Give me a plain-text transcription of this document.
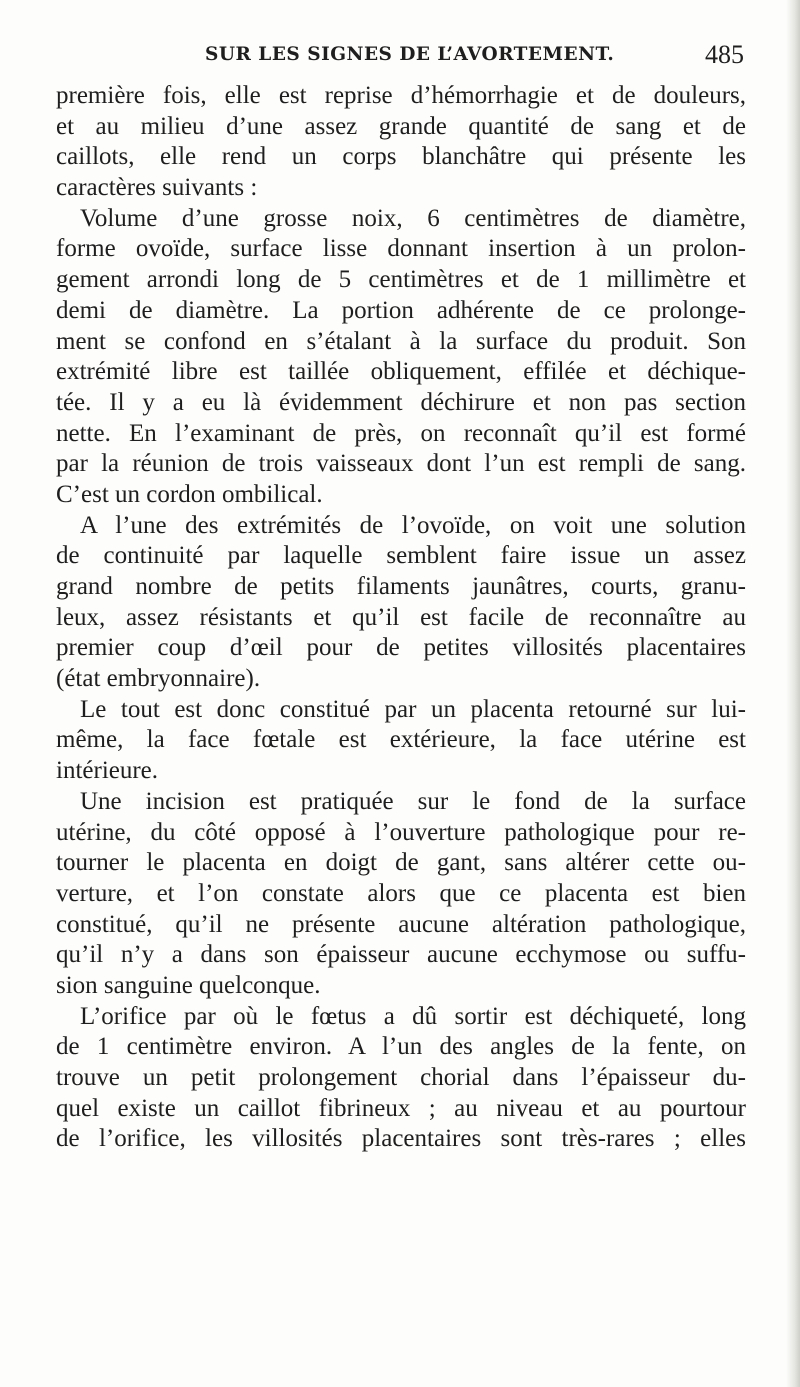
SUR LES SIGNES DE L’AVORTEMENT.	485
première fois, elle est reprise d’hémorrhagie et de douleurs,
et au milieu d’une assez grande quantité de sang et de
caillots, elle rend un corps blanchâtre qui présente les
caractères suivants :
Volume d’une grosse noix, 6 centimètres de diamètre,
forme ovoïde, surface lisse donnant insertion à un prolon-
gement arrondi long de 5 centimètres et de 1 millimètre et
demi de diamètre. La portion adhérente de ce prolonge-
ment se confond en s’étalant à la surface du produit. Son
extrémité libre est taillée obliquement, effilée et déchique-
tée. Il y a eu là évidemment déchirure et non pas section
nette. En l’examinant de près, on reconnaît qu’il est formé
par la réunion de trois vaisseaux dont l’un est rempli de sang.
C’est un cordon ombilical.
A l’une des extrémités de l’ovoïde, on voit une solution
de continuité par laquelle semblent faire issue un assez
grand nombre de petits filaments jaunâtres, courts, granu-
leux, assez résistants et qu’il est facile de reconnaître au
premier coup d’œil pour de petites villosités placentaires
(état embryonnaire).
Le tout est donc constitué par un placenta retourné sur lui-
même, la face fœtale est extérieure, la face utérine est
intérieure.
Une incision est pratiquée sur le fond de la surface
utérine, du côté opposé à l’ouverture pathologique pour re-
tourner le placenta en doigt de gant, sans altérer cette ou-
verture, et l’on constate alors que ce placenta est bien
constitué, qu’il ne présente aucune altération pathologique,
qu’il n’y a dans son épaisseur aucune ecchymose ou suffu-
sion sanguine quelconque.
L’orifice par où le fœtus a dû sortir est déchiqueté, long
de 1 centimètre environ. A l’un des angles de la fente, on
trouve un petit prolongement chorial dans l’épaisseur du-
quel existe un caillot fibrineux ; au niveau et au pourtour
de l’orifice, les villosités placentaires sont très-rares ; elles
